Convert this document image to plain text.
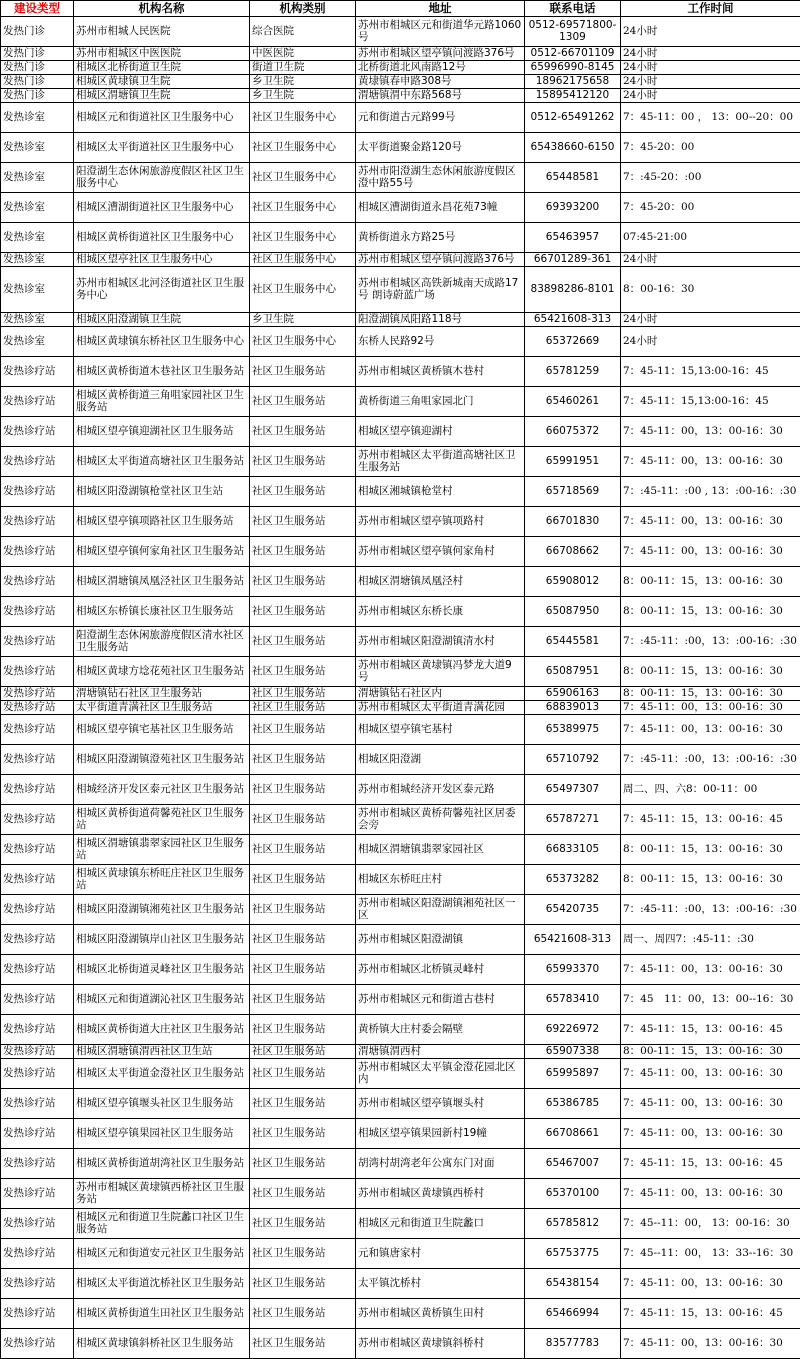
建设类型	机构名称	机构类别	地址	联系电话	工作时间
发热门诊	苏州市相城人民医院	综合医院	苏州市相城区元和街道华元路1060号	0512-69571800-1309	24小时
发热门诊	苏州市相城区中医医院	中医医院	苏州市相城区望亭镇问渡路376号	0512-66701109	24小时
发热门诊	相城区北桥街道卫生院	街道卫生院	北桥街道北风南路12号	65996990-8145	24小时
发热门诊	相城区黄埭镇卫生院	乡卫生院	黄埭镇春申路308号	18962175658	24小时
发热门诊	相城区渭塘镇卫生院	乡卫生院	渭塘镇渭中东路568号	15895412120	24小时
发热诊室	相城区元和街道社区卫生服务中心	社区卫生服务中心	元和街道古元路99号	0512-65491262	7：45-11：00 ， 13：00--20：00
发热诊室	相城区太平街道社区卫生服务中心	社区卫生服务中心	太平街道聚金路120号	65438660-6150	7：45-20：00
发热诊室	阳澄湖生态休闲旅游度假区社区卫生服务中心	社区卫生服务中心	苏州市阳澄湖生态休闲旅游度假区澄中路55号	65448581	7：:45-20：:00
发热诊室	相城区漕湖街道社区卫生服务中心	社区卫生服务中心	相城区漕湖街道永昌花苑73幢	69393200	7：45-20：00
发热诊室	相城区黄桥街道社区卫生服务中心	社区卫生服务中心	黄桥街道永方路25号	65463957	07:45-21:00
发热诊室	相城区望亭社区卫生服务中心	社区卫生服务中心	苏州市相城区望亭镇问渡路376号	66701289-361	24小时
发热诊室	苏州市相城区北河泾街道社区卫生服务中心	社区卫生服务中心	苏州市相城区高铁新城南天成路17号 朗诗蔚蓝广场	83898286-8101	8：00-16：30
发热诊室	相城区阳澄湖镇卫生院	乡卫生院	阳澄湖镇凤阳路118号	65421608-313	24小时
发热诊室	相城区黄埭镇东桥社区卫生服务中心	社区卫生服务中心	东桥人民路92号	65372669	24小时
发热诊疗站	相城区黄桥街道木巷社区卫生服务站	社区卫生服务站	苏州市相城区黄桥镇木巷村	65781259	7：45-11：15,13:00-16：45
发热诊疗站	相城区黄桥街道三角咀家园社区卫生服务站	社区卫生服务站	黄桥街道三角咀家园北门	65460261	7：45-11：15,13:00-16：45
发热诊疗站	相城区望亭镇迎湖社区卫生服务站	社区卫生服务站	相城区望亭镇迎湖村	66075372	7：45-11：00，13：00-16：30
发热诊疗站	相城区太平街道高塘社区卫生服务站	社区卫生服务站	苏州市相城区太平街道高塘社区卫生服务站	65991951	7：45-11：00，13：00-16：30
发热诊疗站	相城区阳澄湖镇枪堂社区卫生站	社区卫生服务站	相城区湘城镇枪堂村	65718569	7：:45-11：:00 , 13：:00-16：:30
发热诊疗站	相城区望亭镇项路社区卫生服务站	社区卫生服务站	苏州市相城区望亭镇项路村	66701830	7：45-11：00，13：00-16：30
发热诊疗站	相城区望亭镇何家角社区卫生服务站	社区卫生服务站	苏州市相城区望亭镇何家角村	66708662	7：45-11：00，13：00-16：30
发热诊疗站	相城区渭塘镇凤凰泾社区卫生服务站	社区卫生服务站	相城区渭塘镇凤凰泾村	65908012	8：00-11：15，13：00-16：30
发热诊疗站	相城区东桥镇长康社区卫生服务站	社区卫生服务站	苏州市相城区东桥长康	65087950	8：00-11：15，13：00-16：30
发热诊疗站	阳澄湖生态休闲旅游度假区清水社区卫生服务站	社区卫生服务站	苏州市相城区阳澄湖镇清水村	65445581	7：:45-11：:00，13：:00-16：:30
发热诊疗站	相城区黄埭方埝花苑社区卫生服务站	社区卫生服务站	苏州市相城区黄埭镇冯梦龙大道9号	65087951	8：00-11：15，13：00-16：30
发热诊疗站	渭塘镇钻石社区卫生服务站	社区卫生服务站	渭塘镇钻石社区内	65906163	8：00-11：15，13：00-16：30
发热诊疗站	太平街道青满社区卫生服务站	社区卫生服务站	苏州市相城区太平街道青满花园	68839013	7：45-11：00，13：00-16：30
发热诊疗站	相城区望亭镇宅基社区卫生服务站	社区卫生服务站	相城区望亭镇宅基村	65389975	7：45-11：00，13：00-16：30
发热诊疗站	相城区阳澄湖镇澄苑社区卫生服务站	社区卫生服务站	相城区阳澄湖	65710792	7：:45-11：:00，13：:00-16：:30
发热诊疗站	相城经济开发区泰元社区卫生服务站	社区卫生服务站	苏州市相城经济开发区泰元路	65497307	周二、四、六8：00-11：00
发热诊疗站	相城区黄桥街道荷馨苑社区卫生服务站	社区卫生服务站	苏州市相城区黄桥荷馨苑社区居委会旁	65787271	7：45-11：15，13：00-16：45
发热诊疗站	相城区渭塘镇翡翠家园社区卫生服务站	社区卫生服务站	相城区渭塘镇翡翠家园社区	66833105	8：00-11：15，13：00-16：30
发热诊疗站	相城区黄埭镇东桥旺庄社区卫生服务站	社区卫生服务站	相城区东桥旺庄村	65373282	8：00-11：15，13：00-16：30
发热诊疗站	相城区阳澄湖镇湘苑社区卫生服务站	社区卫生服务站	苏州市相城区阳澄湖镇湘苑社区一区	65420735	7：:45-11：:00，13：:00-16：:30
发热诊疗站	相城区阳澄湖镇岸山社区卫生服务站	社区卫生服务站	苏州市相城区阳澄湖镇	65421608-313	周一、周四7：:45-11：:30
发热诊疗站	相城区北桥街道灵峰社区卫生服务站	社区卫生服务站	苏州市相城区北桥镇灵峰村	65993370	7：45-11：00，13：00-16：30
发热诊疗站	相城区元和街道湖沁社区卫生服务站	社区卫生服务站	苏州市相城区元和街道古巷村	65783410	7：45　11：00，13：00--16：30
发热诊疗站	相城区黄桥街道大庄社区卫生服务站	社区卫生服务站	黄桥镇大庄村委会隔壁	69226972	7：45-11：15，13：00-16：45
发热诊疗站	相城区渭塘镇渭西社区卫生站	社区卫生服务站	渭塘镇渭西村	65907338	8：00-11：15，13：00-16：30
发热诊疗站	相城区太平街道金澄社区卫生服务站	社区卫生服务站	苏州市相城区太平镇金澄花园北区内	65995897	7：45-11：00，13：00-16：30
发热诊疗站	相城区望亭镇堰头社区卫生服务站	社区卫生服务站	苏州市相城区望亭镇堰头村	65386785	7：45-11：00，13：00-16：30
发热诊疗站	相城区望亭镇果园社区卫生服务站	社区卫生服务站	相城区望亭镇果园新村19幢	66708661	7：45-11：00，13：00-16：30
发热诊疗站	相城区黄桥街道胡湾社区卫生服务站	社区卫生服务站	胡湾村胡湾老年公寓东门对面	65467007	7：45-11：15，13：00-16：45
发热诊疗站	苏州市相城区黄埭镇西桥社区卫生服务站	社区卫生服务站	苏州市相城区黄埭镇西桥村	65370100	7：45-11：00，13：00-16：30
发热诊疗站	相城区元和街道卫生院蠡口社区卫生服务站	社区卫生服务站	相城区元和街道卫生院蠡口	65785812	7：45--11：00， 13：00-16：30
发热诊疗站	相城区元和街道安元社区卫生服务站	社区卫生服务站	元和镇唐家村	65753775	7：45--11：00， 13：33--16：30
发热诊疗站	相城区太平街道沈桥社区卫生服务站	社区卫生服务站	太平镇沈桥村	65438154	7：45-11：00，13：00-16：30
发热诊疗站	相城区黄桥街道生田社区卫生服务站	社区卫生服务站	苏州市相城区黄桥镇生田村	65466994	7：45-11：15，13：00-16：45
发热诊疗站	相城区黄埭镇斜桥社区卫生服务站	社区卫生服务站	苏州市相城区黄埭镇斜桥村	83577783	7：45-11：00，13：00-16：30
